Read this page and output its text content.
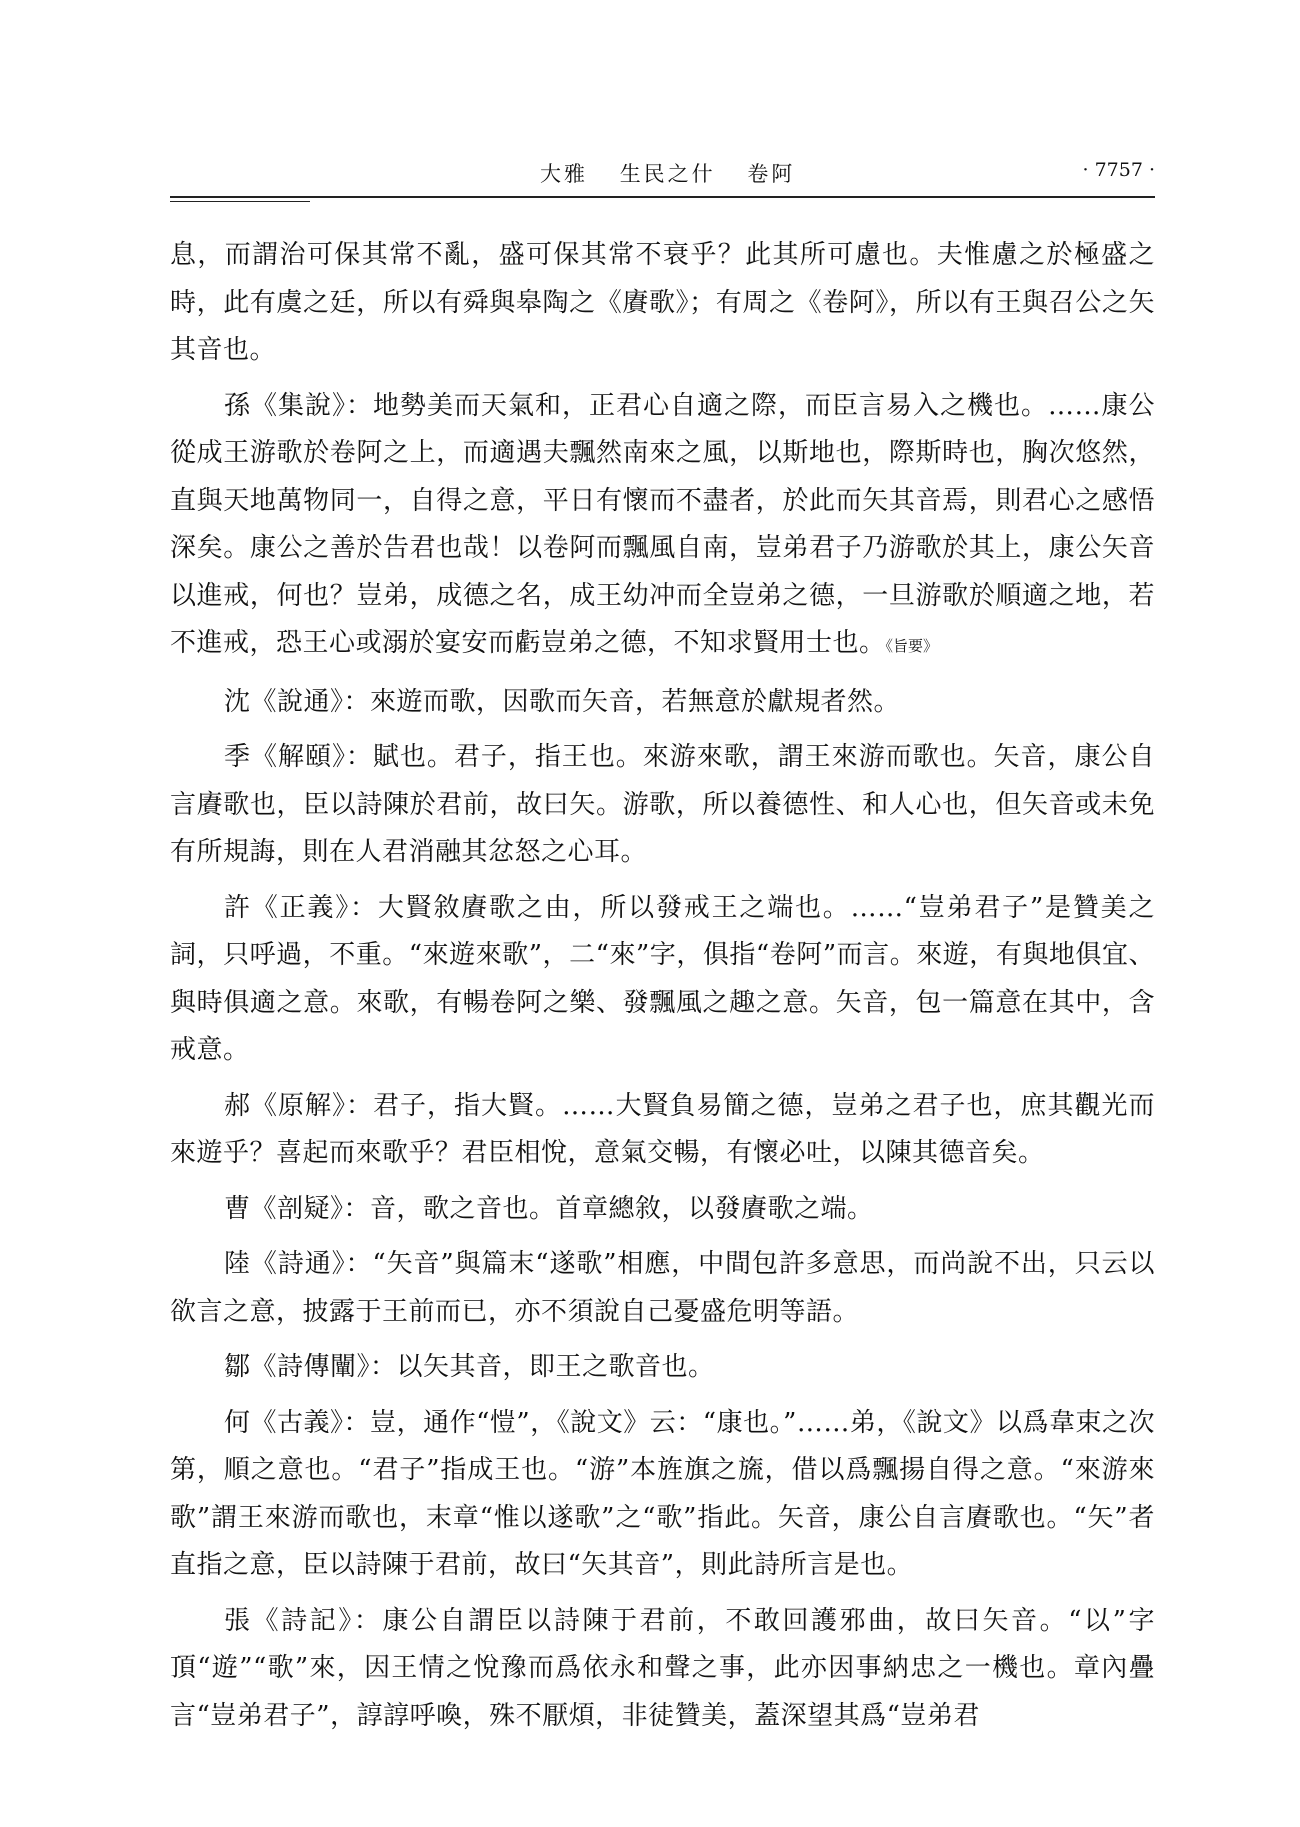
大雅 生民之什 卷阿	· 7757 ·

息，而謂治可保其常不亂，盛可保其常不衰乎？此其所可慮也。夫惟慮之於極盛之時，此有虞之廷，所以有舜與皋陶之《賡歌》；有周之《卷阿》，所以有王與召公之矢其音也。

孫《集說》：地勢美而天氣和，正君心自適之際，而臣言易入之機也。……康公從成王游歌於卷阿之上，而適遇夫飄然南來之風，以斯地也，際斯時也，胸次悠然，直與天地萬物同一，自得之意，平日有懷而不盡者，於此而矢其音焉，則君心之感悟深矣。康公之善於告君也哉！以卷阿而飄風自南，豈弟君子乃游歌於其上，康公矢音以進戒，何也？豈弟，成德之名，成王幼冲而全豈弟之德，一旦游歌於順適之地，若不進戒，恐王心或溺於宴安而虧豈弟之德，不知求賢用士也。《旨要》

沈《說通》：來遊而歌，因歌而矢音，若無意於獻規者然。

季《解頤》：賦也。君子，指王也。來游來歌，謂王來游而歌也。矢音，康公自言賡歌也，臣以詩陳於君前，故曰矢。游歌，所以養德性、和人心也，但矢音或未免有所規誨，則在人君消融其忿怒之心耳。

許《正義》：大賢敘賡歌之由，所以發戒王之端也。……“豈弟君子”是贊美之詞，只呼過，不重。“來遊來歌”，二“來”字，俱指“卷阿”而言。來遊，有與地俱宜、與時俱適之意。來歌，有暢卷阿之樂、發飄風之趣之意。矢音，包一篇意在其中，含戒意。

郝《原解》：君子，指大賢。……大賢負易簡之德，豈弟之君子也，庶其觀光而來遊乎？喜起而來歌乎？君臣相悅，意氣交暢，有懷必吐，以陳其德音矣。

曹《剖疑》：音，歌之音也。首章總敘，以發賡歌之端。

陸《詩通》：“矢音”與篇末“遂歌”相應，中間包許多意思，而尚說不出，只云以欲言之意，披露于王前而已，亦不須說自己憂盛危明等語。

鄒《詩傳闡》：以矢其音，即王之歌音也。

何《古義》：豈，通作“愷”，《說文》云：“康也。”……弟，《說文》以爲韋束之次第，順之意也。“君子”指成王也。“游”本旌旗之旒，借以爲飄揚自得之意。“來游來歌”謂王來游而歌也，末章“惟以遂歌”之“歌”指此。矢音，康公自言賡歌也。“矢”者直指之意，臣以詩陳于君前，故曰“矢其音”，則此詩所言是也。

張《詩記》：康公自謂臣以詩陳于君前，不敢回護邪曲，故曰矢音。“以”字頂“遊”“歌”來，因王情之悅豫而爲依永和聲之事，此亦因事納忠之一機也。章內疊言“豈弟君子”，諄諄呼喚，殊不厭煩，非徒贊美，蓋深望其爲“豈弟君
